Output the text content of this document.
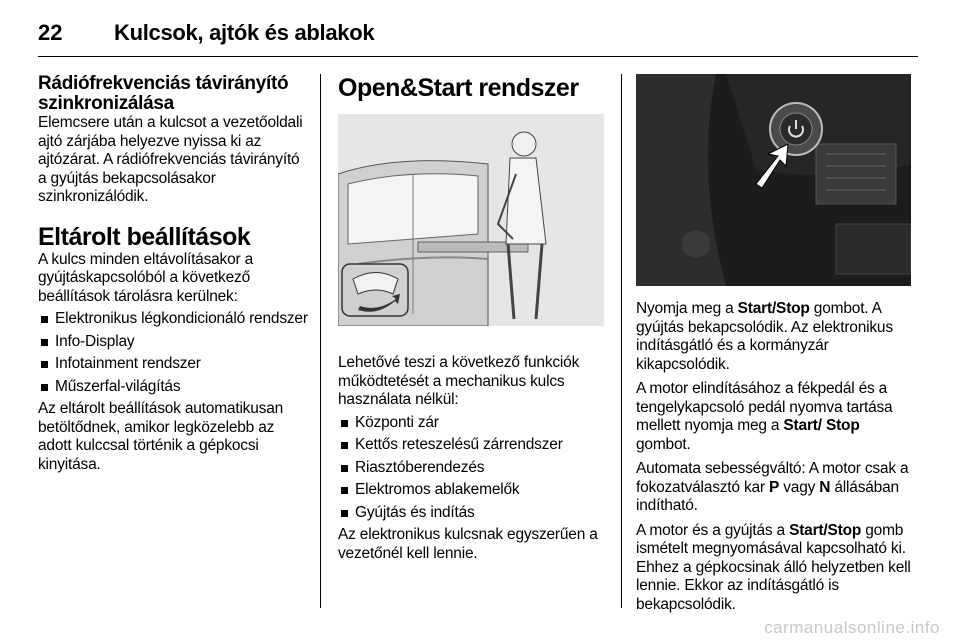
22 Kulcsok, ajtók és ablakok
Rádiófrekvenciás távirányító szinkronizálása

Elemcsere után a kulcsot a vezetőoldali ajtó zárjába helyezve nyissa ki az ajtózárat. A rádiófrekvenciás távirányító a gyújtás bekapcsolásakor szinkronizálódik.

Eltárolt beállítások

A kulcs minden eltávolításakor a gyújtáskapcsolóból a következő beállítások tárolásra kerülnek:

Elektronikus légkondicionáló rendszer
Info-Display
Infotainment rendszer
Műszerfal-világítás

Az eltárolt beállítások automatikusan betöltődnek, amikor legközelebb az adott kulccsal történik a gépkocsi kinyitása.

Open&Start rendszer

Lehetővé teszi a következő funkciók működtetését a mechanikus kulcs használata nélkül:

Központi zár
Kettős reteszelésű zárrendszer
Riasztóberendezés
Elektromos ablakemelők
Gyújtás és indítás

Az elektronikus kulcsnak egyszerűen a vezetőnél kell lennie.

Nyomja meg a Start/Stop gombot. A gyújtás bekapcsolódik. Az elektronikus indításgátló és a kormányzár kikapcsolódik.

A motor elindításához a fékpedál és a tengelykapcsoló pedál nyomva tartása mellett nyomja meg a Start/ Stop gombot.

Automata sebességváltó: A motor csak a fokozatválasztó kar P vagy N állásában indítható.

A motor és a gyújtás a Start/Stop gomb ismételt megnyomásával kapcsolható ki. Ehhez a gépkocsinak álló helyzetben kell lennie. Ekkor az indításgátló is bekapcsolódik.

carmanualsonline.info
